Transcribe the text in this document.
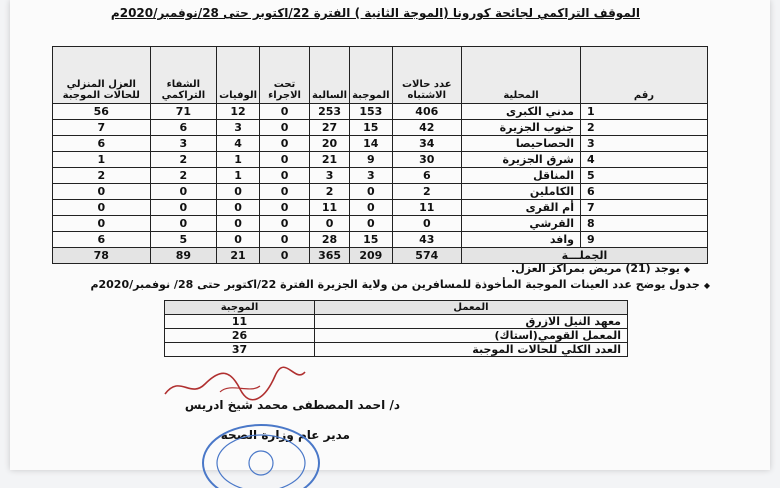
الموقف التراكمي لجائحة كورونا (الموجة الثانية ) الفترة 22/اكتوبر حتى 28/نوفمبر/2020م
رقم	المحلية	عدد حالات الاشتباه	الموجبة	السالبة	تحت الاجراء	الوفيات	الشفاء التراكمي	العزل المنزلي للحالات الموجبة
1	مدني الكبرى	406	153	253	0	12	71	56
2	جنوب الجزيرة	42	15	27	0	3	6	7
3	الحصاحيصا	34	14	20	0	4	3	6
4	شرق الجزيرة	30	9	21	0	1	2	1
5	المناقل	6	3	3	0	1	2	2
6	الكاملين	2	0	2	0	0	0	0
7	أم القرى	11	0	11	0	0	0	0
8	القرشي	0	0	0	0	0	0	0
9	وافد	43	15	28	0	0	5	6
الجملـــة		574	209	365	0	21	89	78
◆يوجد (21) مريض بمراكز العزل.
◆جدول يوضح عدد العينات الموجبة المأخوذة للمسافرين من ولاية الجزيرة الفترة 22/اكتوبر حتى 28/ نوفمبر/2020م
المعمل	الموجبة
معهد النيل الازرق	11
المعمل القومي(استاك)	26
العدد الكلي للحالات الموجبة	37
د/ احمد المصطفى محمد شيخ ادريس
مدير عام وزارة الصحة
